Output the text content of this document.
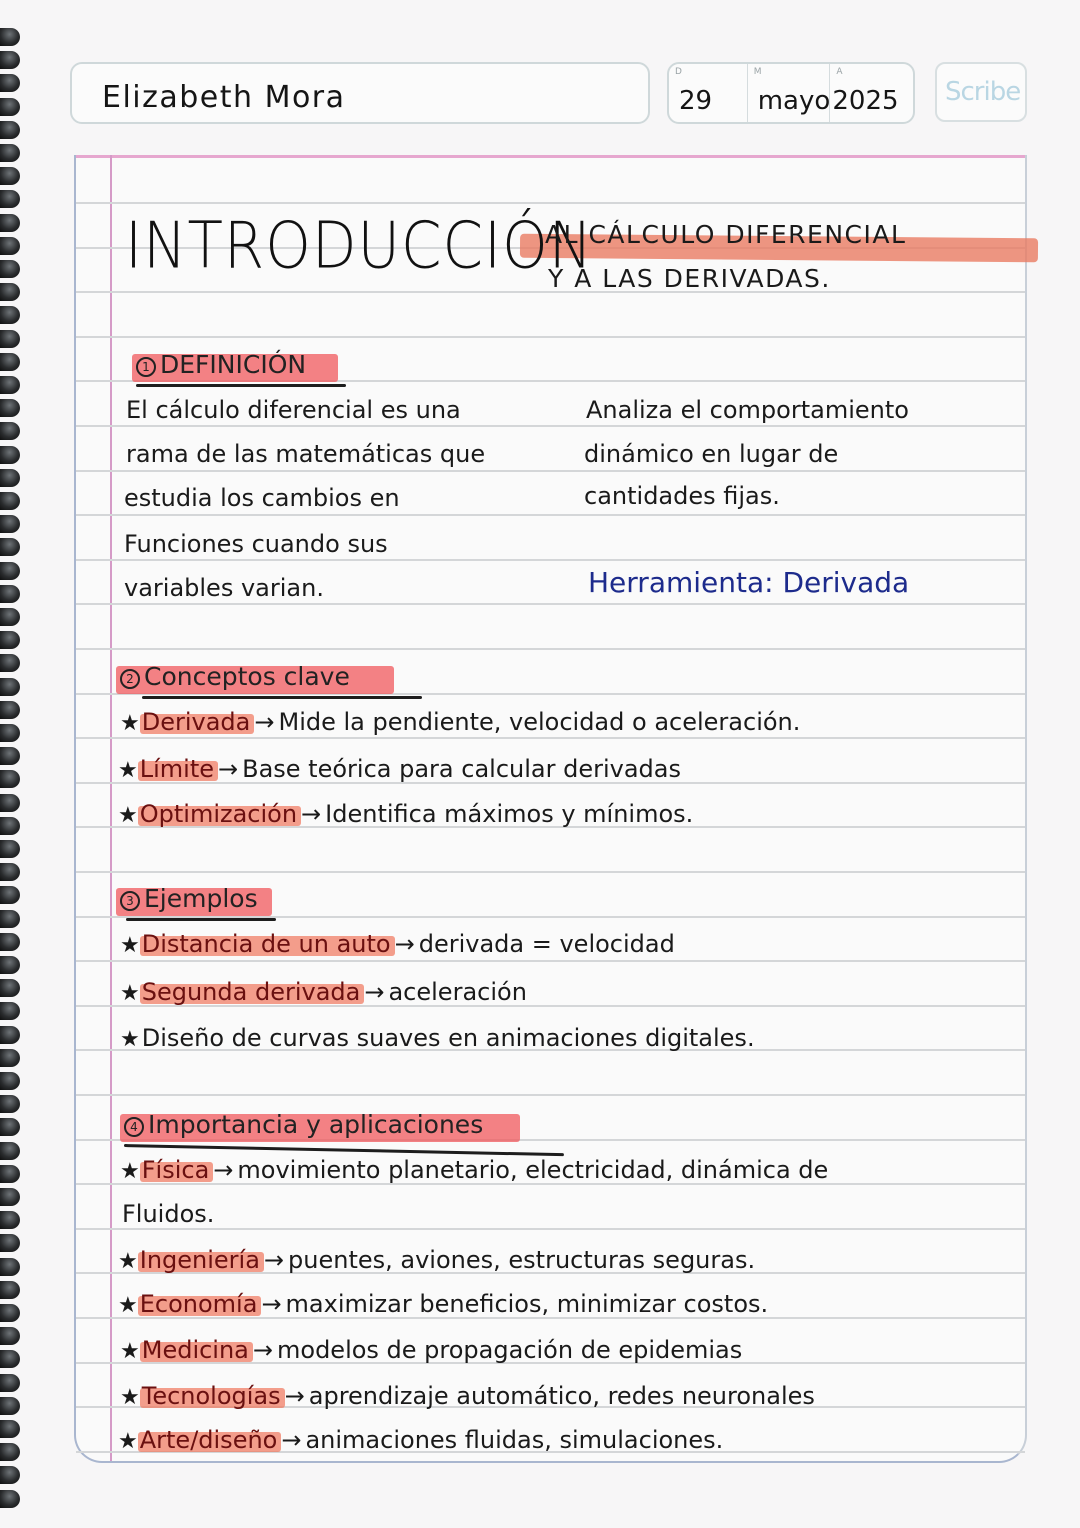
Elizabeth Mora
D
29
M
mayo
A
2025 Scribe
INTRODUCCIÓN
AL CÁLCULO DIFERENCIAL
Y A LAS DERIVADAS.
1 DEFINICIÓN
El cálculo diferencial es una
rama de las matemáticas que
estudia los cambios en
Funciones cuando sus
variables varian.
Analiza el comportamiento
dinámico en lugar de
cantidades fijas.
Herramienta: Derivada
2 Conceptos clave
★Derivada → Mide la pendiente, velocidad o aceleración.
★Límite → Base teórica para calcular derivadas
★Optimización → Identifica máximos y mínimos.
3 Ejemplos
★Distancia de un auto → derivada = velocidad
★Segunda derivada → aceleración
★Diseño de curvas suaves en animaciones digitales.
4 Importancia y aplicaciones
★Física → movimiento planetario, electricidad, dinámica de
Fluidos.
★Ingeniería → puentes, aviones, estructuras seguras.
★Economía → maximizar beneficios, minimizar costos.
★Medicina → modelos de propagación de epidemias
★Tecnologías → aprendizaje automático, redes neuronales
★Arte/diseño → animaciones fluidas, simulaciones.
